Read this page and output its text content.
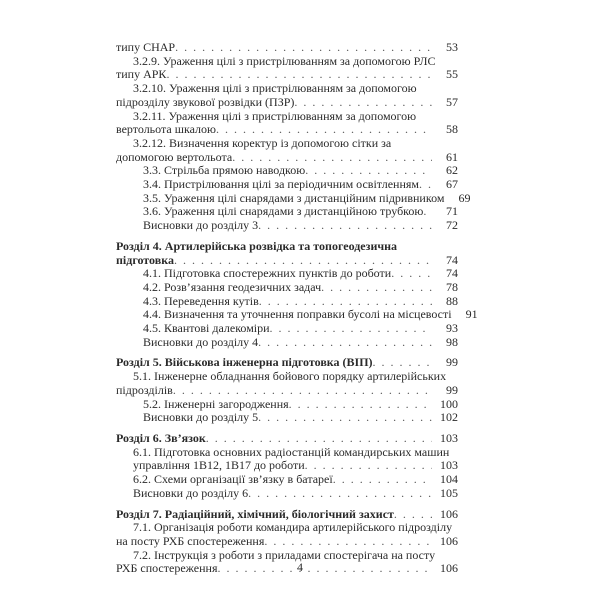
типу СНАР . . .	53
3.2.9. Ураження цілі з пристрілюванням за допомогою РЛС
типу АРК . . .	55
3.2.10. Ураження цілі з пристрілюванням за допомогою
підрозділу звукової розвідки (ПЗР) . . .	57
3.2.11. Ураження цілі з пристрілюванням за допомогою
вертольота шкалою . . .	58
3.2.12. Визначення коректур із допомогою сітки за
допомогою вертольота . . .	61
3.3. Стрільба прямою наводкою . . .	62
3.4. Пристрілювання цілі за періодичним освітленням . . .	67
3.5. Ураження цілі снарядами з дистанційним підривником	69
3.6. Ураження цілі снарядами з дистанційною трубкою . . .	71
Висновки до розділу 3 . . .	72
Розділ 4. Артилерійська розвідка та топогеодезична
підготовка . . .	74
4.1. Підготовка спостережних пунктів до роботи . . .	74
4.2. Розв’язання геодезичних задач . . .	78
4.3. Переведення кутів . . .	88
4.4. Визначення та уточнення поправки бусолі на місцевості	91
4.5. Квантові далекоміри . . .	93
Висновки до розділу 4 . . .	98
Розділ 5. Військова інженерна підготовка (ВІП) . . .	99
5.1. Інженерне обладнання бойового порядку артилерійських
підрозділів . . .	99
5.2. Інженерні загородження . . .	100
Висновки до розділу 5 . . .	102
Розділ 6. Зв’язок . . .	103
6.1. Підготовка основних радіостанцій командирських машин
управління 1В12, 1В17 до роботи . . .	103
6.2. Схеми організації зв’язку в батареї . . .	104
Висновки до розділу 6 . . .	105
Розділ 7. Радіаційний, хімічний, біологічний захист . . .	106
7.1. Організація роботи командира артилерійського підрозділу
на посту РХБ спостереження . . .	106
7.2. Інструкція з роботи з приладами спостерігача на посту
РХБ спостереження . . .	106
4
